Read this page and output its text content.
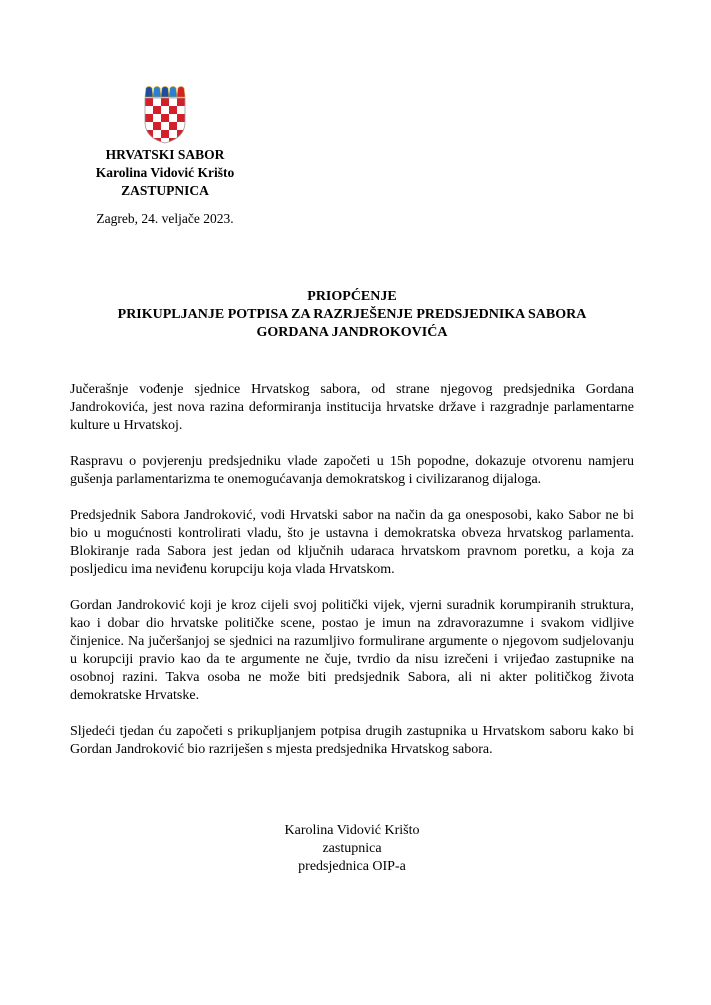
HRVATSKI SABOR
Karolina Vidović Krišto
ZASTUPNICA
Zagreb, 24. veljače 2023.
PRIOPĆENJE
PRIKUPLJANJE POTPISA ZA RAZRJEŠENJE PREDSJEDNIKA SABORA
GORDANA JANDROKOVIĆA

Jučerašnje vođenje sjednice Hrvatskog sabora, od strane njegovog predsjednika Gordana Jandrokovića, jest nova razina deformiranja institucija hrvatske države i razgradnje parlamentarne kulture u Hrvatskoj.

Raspravu o povjerenju predsjedniku vlade započeti u 15h popodne, dokazuje otvorenu namjeru gušenja parlamentarizma te onemogućavanja demokratskog i civilizaranog dijaloga.

Predsjednik Sabora Jandroković, vodi Hrvatski sabor na način da ga onesposobi, kako Sabor ne bi bio u mogućnosti kontrolirati vladu, što je ustavna i demokratska obveza hrvatskog parlamenta. Blokiranje rada Sabora jest jedan od ključnih udaraca hrvatskom pravnom poretku, a koja za posljedicu ima neviđenu korupciju koja vlada Hrvatskom.

Gordan Jandroković koji je kroz cijeli svoj politički vijek, vjerni suradnik korumpiranih struktura, kao i dobar dio hrvatske političke scene, postao je imun na zdravorazumne i svakom vidljive činjenice. Na jučeršanjoj se sjednici na razumljivo formulirane argumente o njegovom sudjelovanju u korupciji pravio kao da te argumente ne čuje, tvrdio da nisu izrečeni i vrijeđao zastupnike na osobnoj razini. Takva osoba ne može biti predsjednik Sabora, ali ni akter političkog života demokratske Hrvatske.

Sljedeći tjedan ću započeti s prikupljanjem potpisa drugih zastupnika u Hrvatskom saboru kako bi Gordan Jandroković bio razriješen s mjesta predsjednika Hrvatskog sabora.

Karolina Vidović Krišto
zastupnica
predsjednica OIP-a
